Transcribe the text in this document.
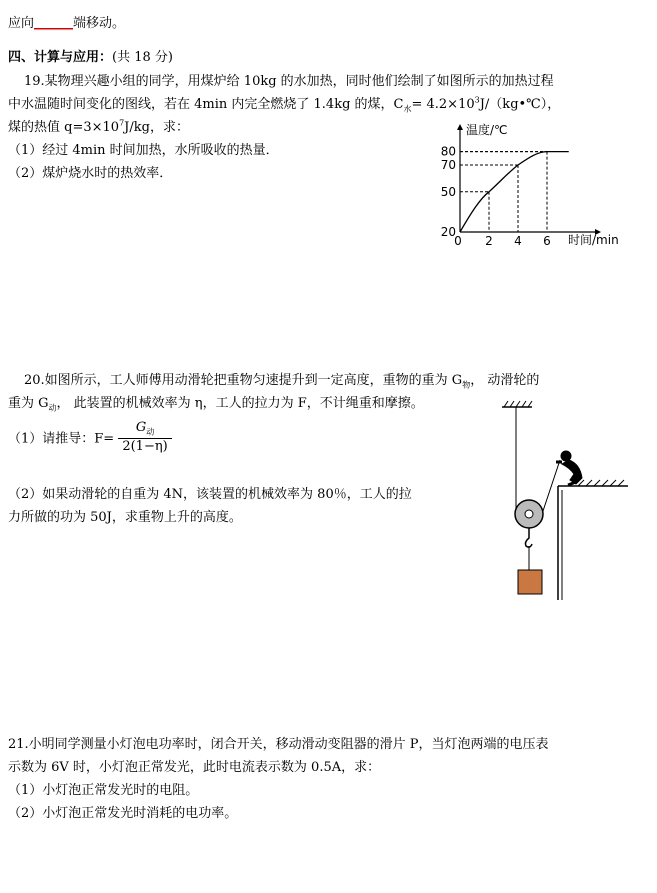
应向______端移动。
四、计算与应用：(共 18 分)
19.某物理兴趣小组的同学，用煤炉给 10kg 的水加热，同时他们绘制了如图所示的加热过程
中水温随时间变化的图线，若在 4min 内完全燃烧了 1.4kg 的煤，$C_水=$ $4.2\times 10^3J/(kg•℃)$，
煤的热值 $q=3\times 10^7J/kg$，求：
（1）经过 4min 时间加热，水所吸收的热量．
（2）煤炉烧水时的热效率．
温度/℃
时间/min
20
50
70
80
0 2 4 6
20.如图所示，工人师傅用动滑轮把重物匀速提升到一定高度，重物的重为 $G_物$， 动滑轮的
重为 $G_动$， 此装置的机械效率为 η，工人的拉力为 F，不计绳重和摩擦。
（1）请推导：$F= \frac{G_动}{2(1-\eta)}$
（2）如果动滑轮的自重为 4N，该装置的机械效率为 80％，工人的拉
力所做的功为 50J，求重物上升的高度。
21.小明同学测量小灯泡电功率时，闭合开关，移动滑动变阻器的滑片 P，当灯泡两端的电压表
示数为 6V 时，小灯泡正常发光，此时电流表示数为 0.5A，求：
（1）小灯泡正常发光时的电阻。
（2）小灯泡正常发光时消耗的电功率。
